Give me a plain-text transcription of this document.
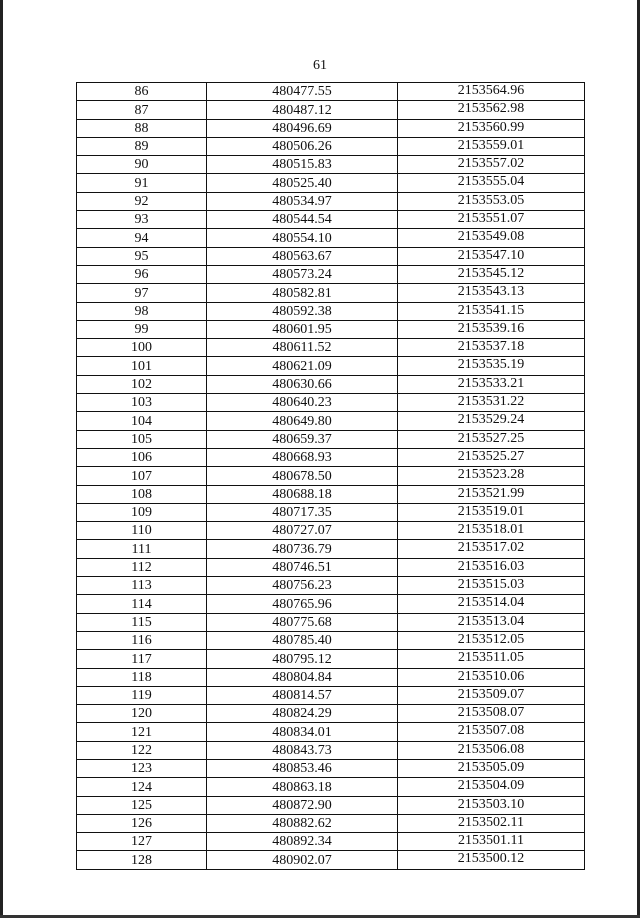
61
86	480477.55	2153564.96
87	480487.12	2153562.98
88	480496.69	2153560.99
89	480506.26	2153559.01
90	480515.83	2153557.02
91	480525.40	2153555.04
92	480534.97	2153553.05
93	480544.54	2153551.07
94	480554.10	2153549.08
95	480563.67	2153547.10
96	480573.24	2153545.12
97	480582.81	2153543.13
98	480592.38	2153541.15
99	480601.95	2153539.16
100	480611.52	2153537.18
101	480621.09	2153535.19
102	480630.66	2153533.21
103	480640.23	2153531.22
104	480649.80	2153529.24
105	480659.37	2153527.25
106	480668.93	2153525.27
107	480678.50	2153523.28
108	480688.18	2153521.99
109	480717.35	2153519.01
110	480727.07	2153518.01
111	480736.79	2153517.02
112	480746.51	2153516.03
113	480756.23	2153515.03
114	480765.96	2153514.04
115	480775.68	2153513.04
116	480785.40	2153512.05
117	480795.12	2153511.05
118	480804.84	2153510.06
119	480814.57	2153509.07
120	480824.29	2153508.07
121	480834.01	2153507.08
122	480843.73	2153506.08
123	480853.46	2153505.09
124	480863.18	2153504.09
125	480872.90	2153503.10
126	480882.62	2153502.11
127	480892.34	2153501.11
128	480902.07	2153500.12
